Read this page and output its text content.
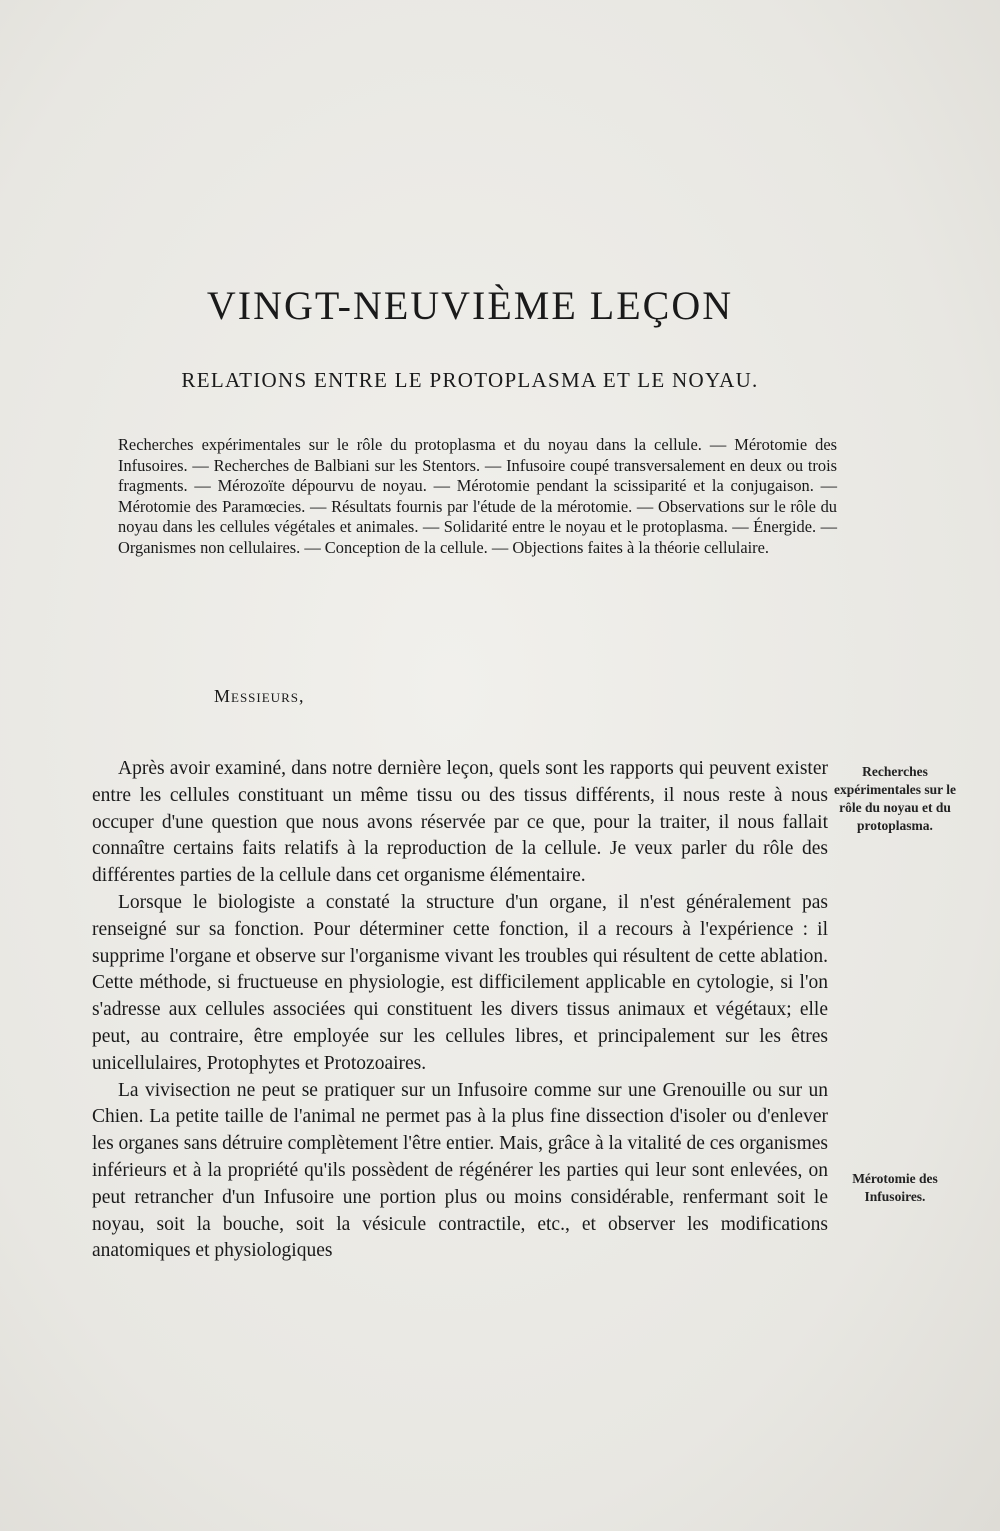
VINGT-NEUVIÈME LEÇON
RELATIONS ENTRE LE PROTOPLASMA ET LE NOYAU.
Recherches expérimentales sur le rôle du protoplasma et du noyau dans la cellule. — Mérotomie des Infusoires. — Recherches de Balbiani sur les Stentors. — Infusoire coupé transversalement en deux ou trois fragments. — Mérozoïte dépourvu de noyau. — Mérotomie pendant la scissiparité et la conjugaison. — Mérotomie des Paramœcies. — Résultats fournis par l'étude de la mérotomie. — Observations sur le rôle du noyau dans les cellules végétales et animales. — Solidarité entre le noyau et le protoplasma. — Énergide. — Organismes non cellulaires. — Conception de la cellule. — Objections faites à la théorie cellulaire.
Messieurs,

Après avoir examiné, dans notre dernière leçon, quels sont les rapports qui peuvent exister entre les cellules constituant un même tissu ou des tissus différents, il nous reste à nous occuper d'une question que nous avons réservée par ce que, pour la traiter, il nous fallait connaître certains faits relatifs à la reproduction de la cellule. Je veux parler du rôle des différentes parties de la cellule dans cet organisme élémentaire.

Lorsque le biologiste a constaté la structure d'un organe, il n'est généralement pas renseigné sur sa fonction. Pour déterminer cette fonction, il a recours à l'expérience : il supprime l'organe et observe sur l'organisme vivant les troubles qui résultent de cette ablation. Cette méthode, si fructueuse en physiologie, est difficilement applicable en cytologie, si l'on s'adresse aux cellules associées qui constituent les divers tissus animaux et végétaux; elle peut, au contraire, être employée sur les cellules libres, et principalement sur les êtres unicellulaires, Protophytes et Protozoaires.

La vivisection ne peut se pratiquer sur un Infusoire comme sur une Grenouille ou sur un Chien. La petite taille de l'animal ne permet pas à la plus fine dissection d'isoler ou d'enlever les organes sans détruire complètement l'être entier. Mais, grâce à la vitalité de ces organismes inférieurs et à la propriété qu'ils possèdent de régénérer les parties qui leur sont enlevées, on peut retrancher d'un Infusoire une portion plus ou moins considérable, renfermant soit le noyau, soit la bouche, soit la vésicule contractile, etc., et observer les modifications anatomiques et physiologiques

Recherches expérimentales sur le rôle du noyau et du protoplasma.
Mérotomie des Infusoires.
